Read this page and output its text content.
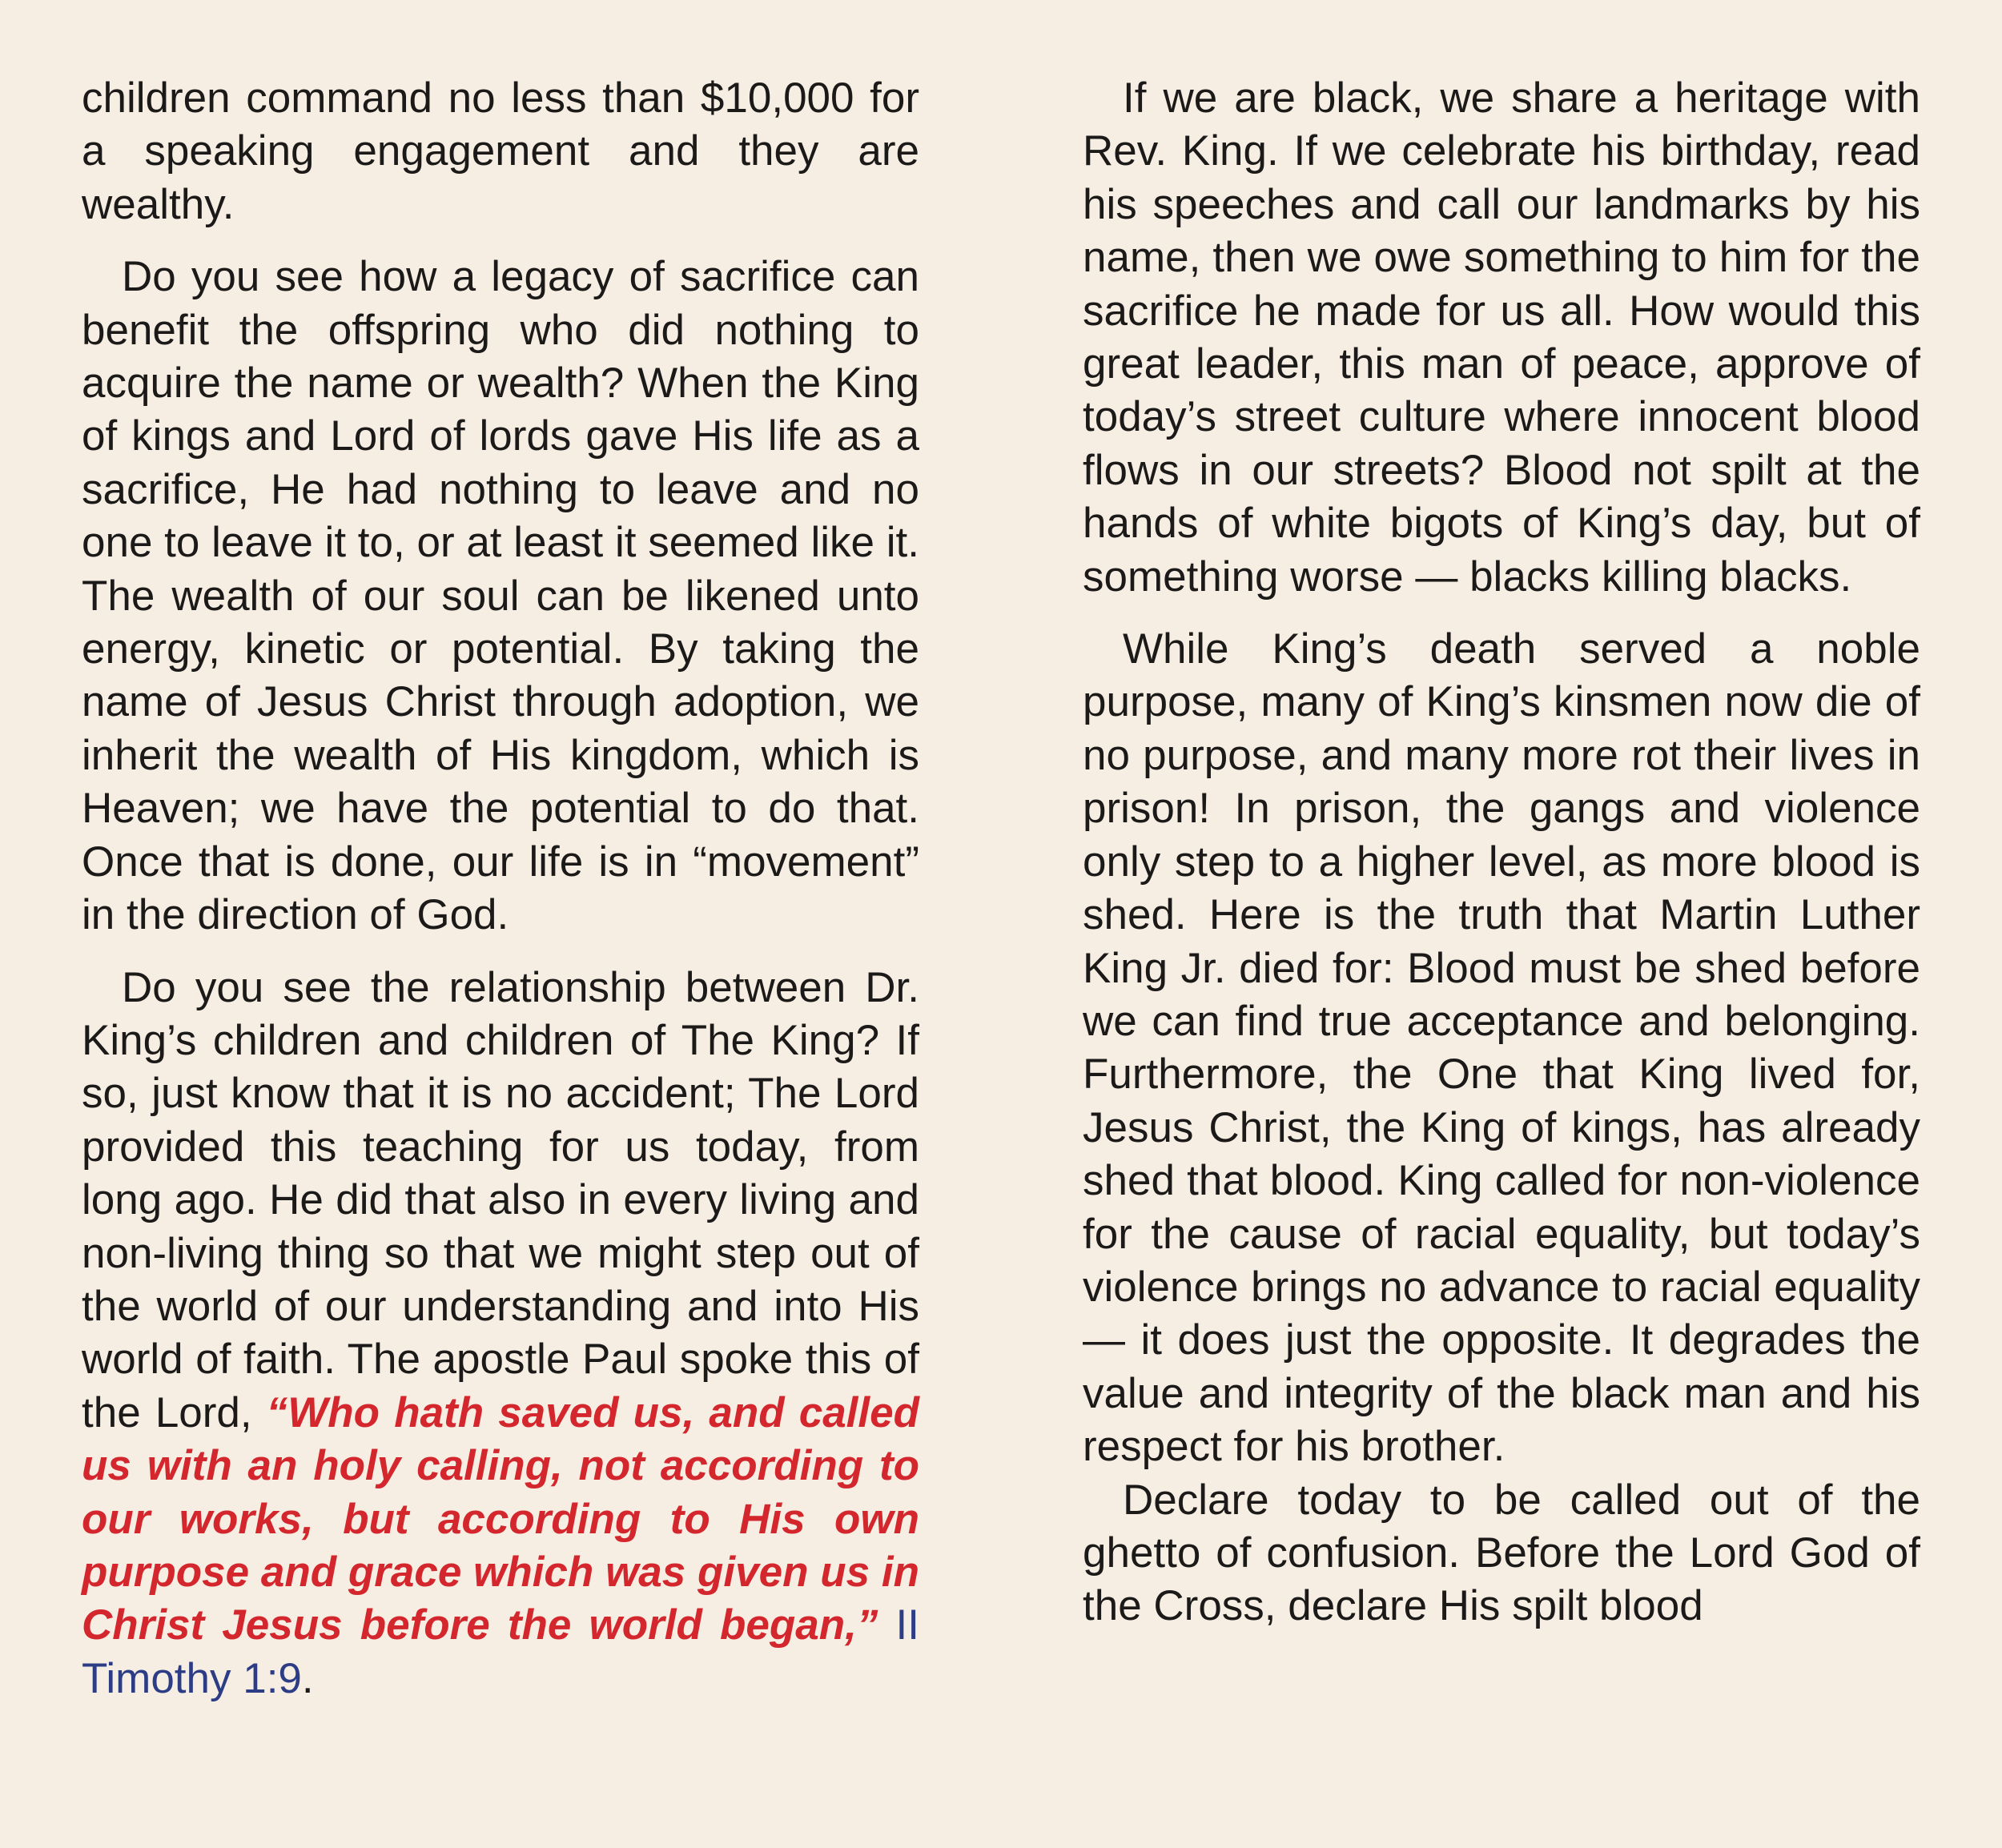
children command no less than $10,000 for a speaking engagement and they are wealthy.

Do you see how a legacy of sacrifice can benefit the offspring who did nothing to acquire the name or wealth? When the King of kings and Lord of lords gave His life as a sacrifice, He had nothing to leave and no one to leave it to, or at least it seemed like it. The wealth of our soul can be likened unto energy, kinetic or potential. By taking the name of Jesus Christ through adoption, we inherit the wealth of His kingdom, which is Heaven; we have the potential to do that. Once that is done, our life is in “movement” in the direction of God.

Do you see the relationship between Dr. King’s children and children of The King? If so, just know that it is no accident; The Lord provided this teaching for us today, from long ago. He did that also in every living and non-living thing so that we might step out of the world of our understanding and into His world of faith. The apostle Paul spoke this of the Lord, “Who hath saved us, and called us with an holy calling, not according to our works, but according to His own purpose and grace which was given us in Christ Jesus before the world began,” II Timothy 1:9.

If we are black, we share a heritage with Rev. King. If we celebrate his birthday, read his speeches and call our landmarks by his name, then we owe something to him for the sacrifice he made for us all. How would this great leader, this man of peace, approve of today’s street culture where innocent blood flows in our streets? Blood not spilt at the hands of white bigots of King’s day, but of something worse — blacks killing blacks.

While King’s death served a noble purpose, many of King’s kinsmen now die of no purpose, and many more rot their lives in prison! In prison, the gangs and violence only step to a higher level, as more blood is shed. Here is the truth that Martin Luther King Jr. died for: Blood must be shed before we can find true acceptance and belonging. Furthermore, the One that King lived for, Jesus Christ, the King of kings, has already shed that blood. King called for non-violence for the cause of racial equality, but today’s violence brings no advance to racial equality — it does just the opposite. It degrades the value and integrity of the black man and his respect for his brother.

Declare today to be called out of the ghetto of confusion. Before the Lord God of the Cross, declare His spilt blood
